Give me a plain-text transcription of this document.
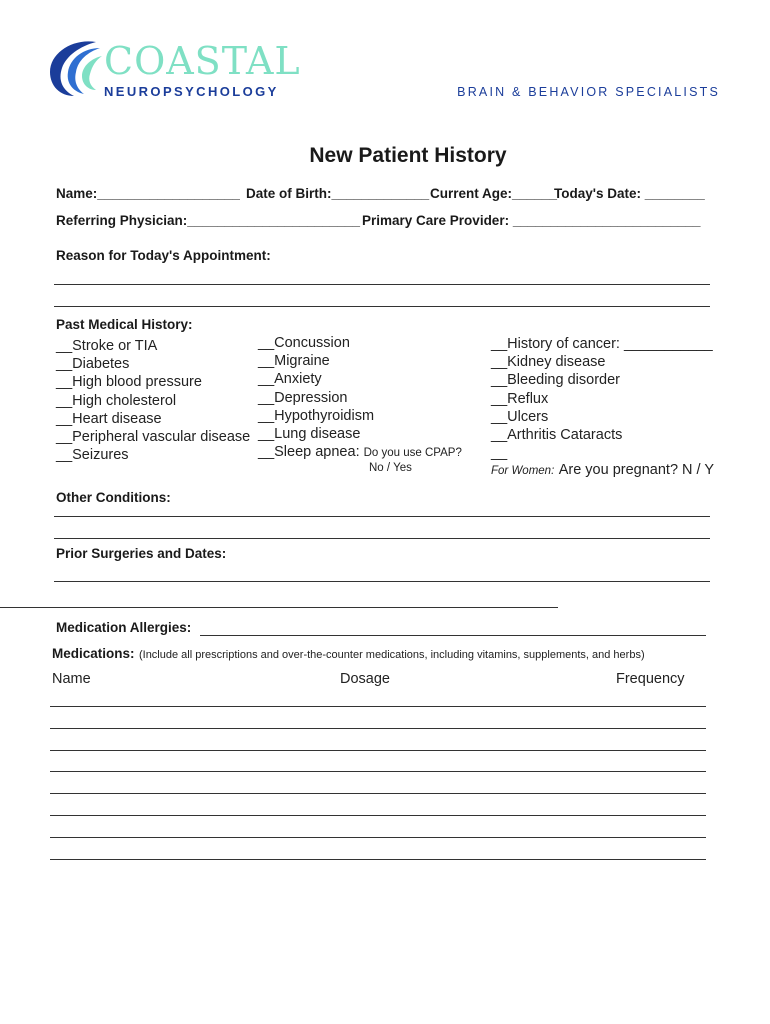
COASTAL
NEUROPSYCHOLOGY	BRAIN & BEHAVIOR SPECIALISTS
New Patient History
Name:___________________ Date of Birth:_____________ Current Age:______
Today's Date: ________
Referring Physician:_______________________ Primary Care Provider: _________________________
Reason for Today's Appointment:
Past Medical History:
__Stroke or TIA
__Diabetes
__High blood pressure
__High cholesterol
__Heart disease
__Peripheral vascular disease
__Seizures
__Concussion
__Migraine
__Anxiety
__Depression
__Hypothyroidism
__Lung disease
__Sleep apnea: Do you use CPAP?
No / Yes
__History of cancer: ___________
__Kidney disease
__Bleeding disorder
__Reflux
__Ulcers
__Arthritis Cataracts
__
For Women: Are you pregnant? N / Y
Other Conditions:
Prior Surgeries and Dates:
Medication Allergies:
Medications: (Include all prescriptions and over-the-counter medications, including vitamins, supplements, and herbs)
Name	Dosage	Frequency
